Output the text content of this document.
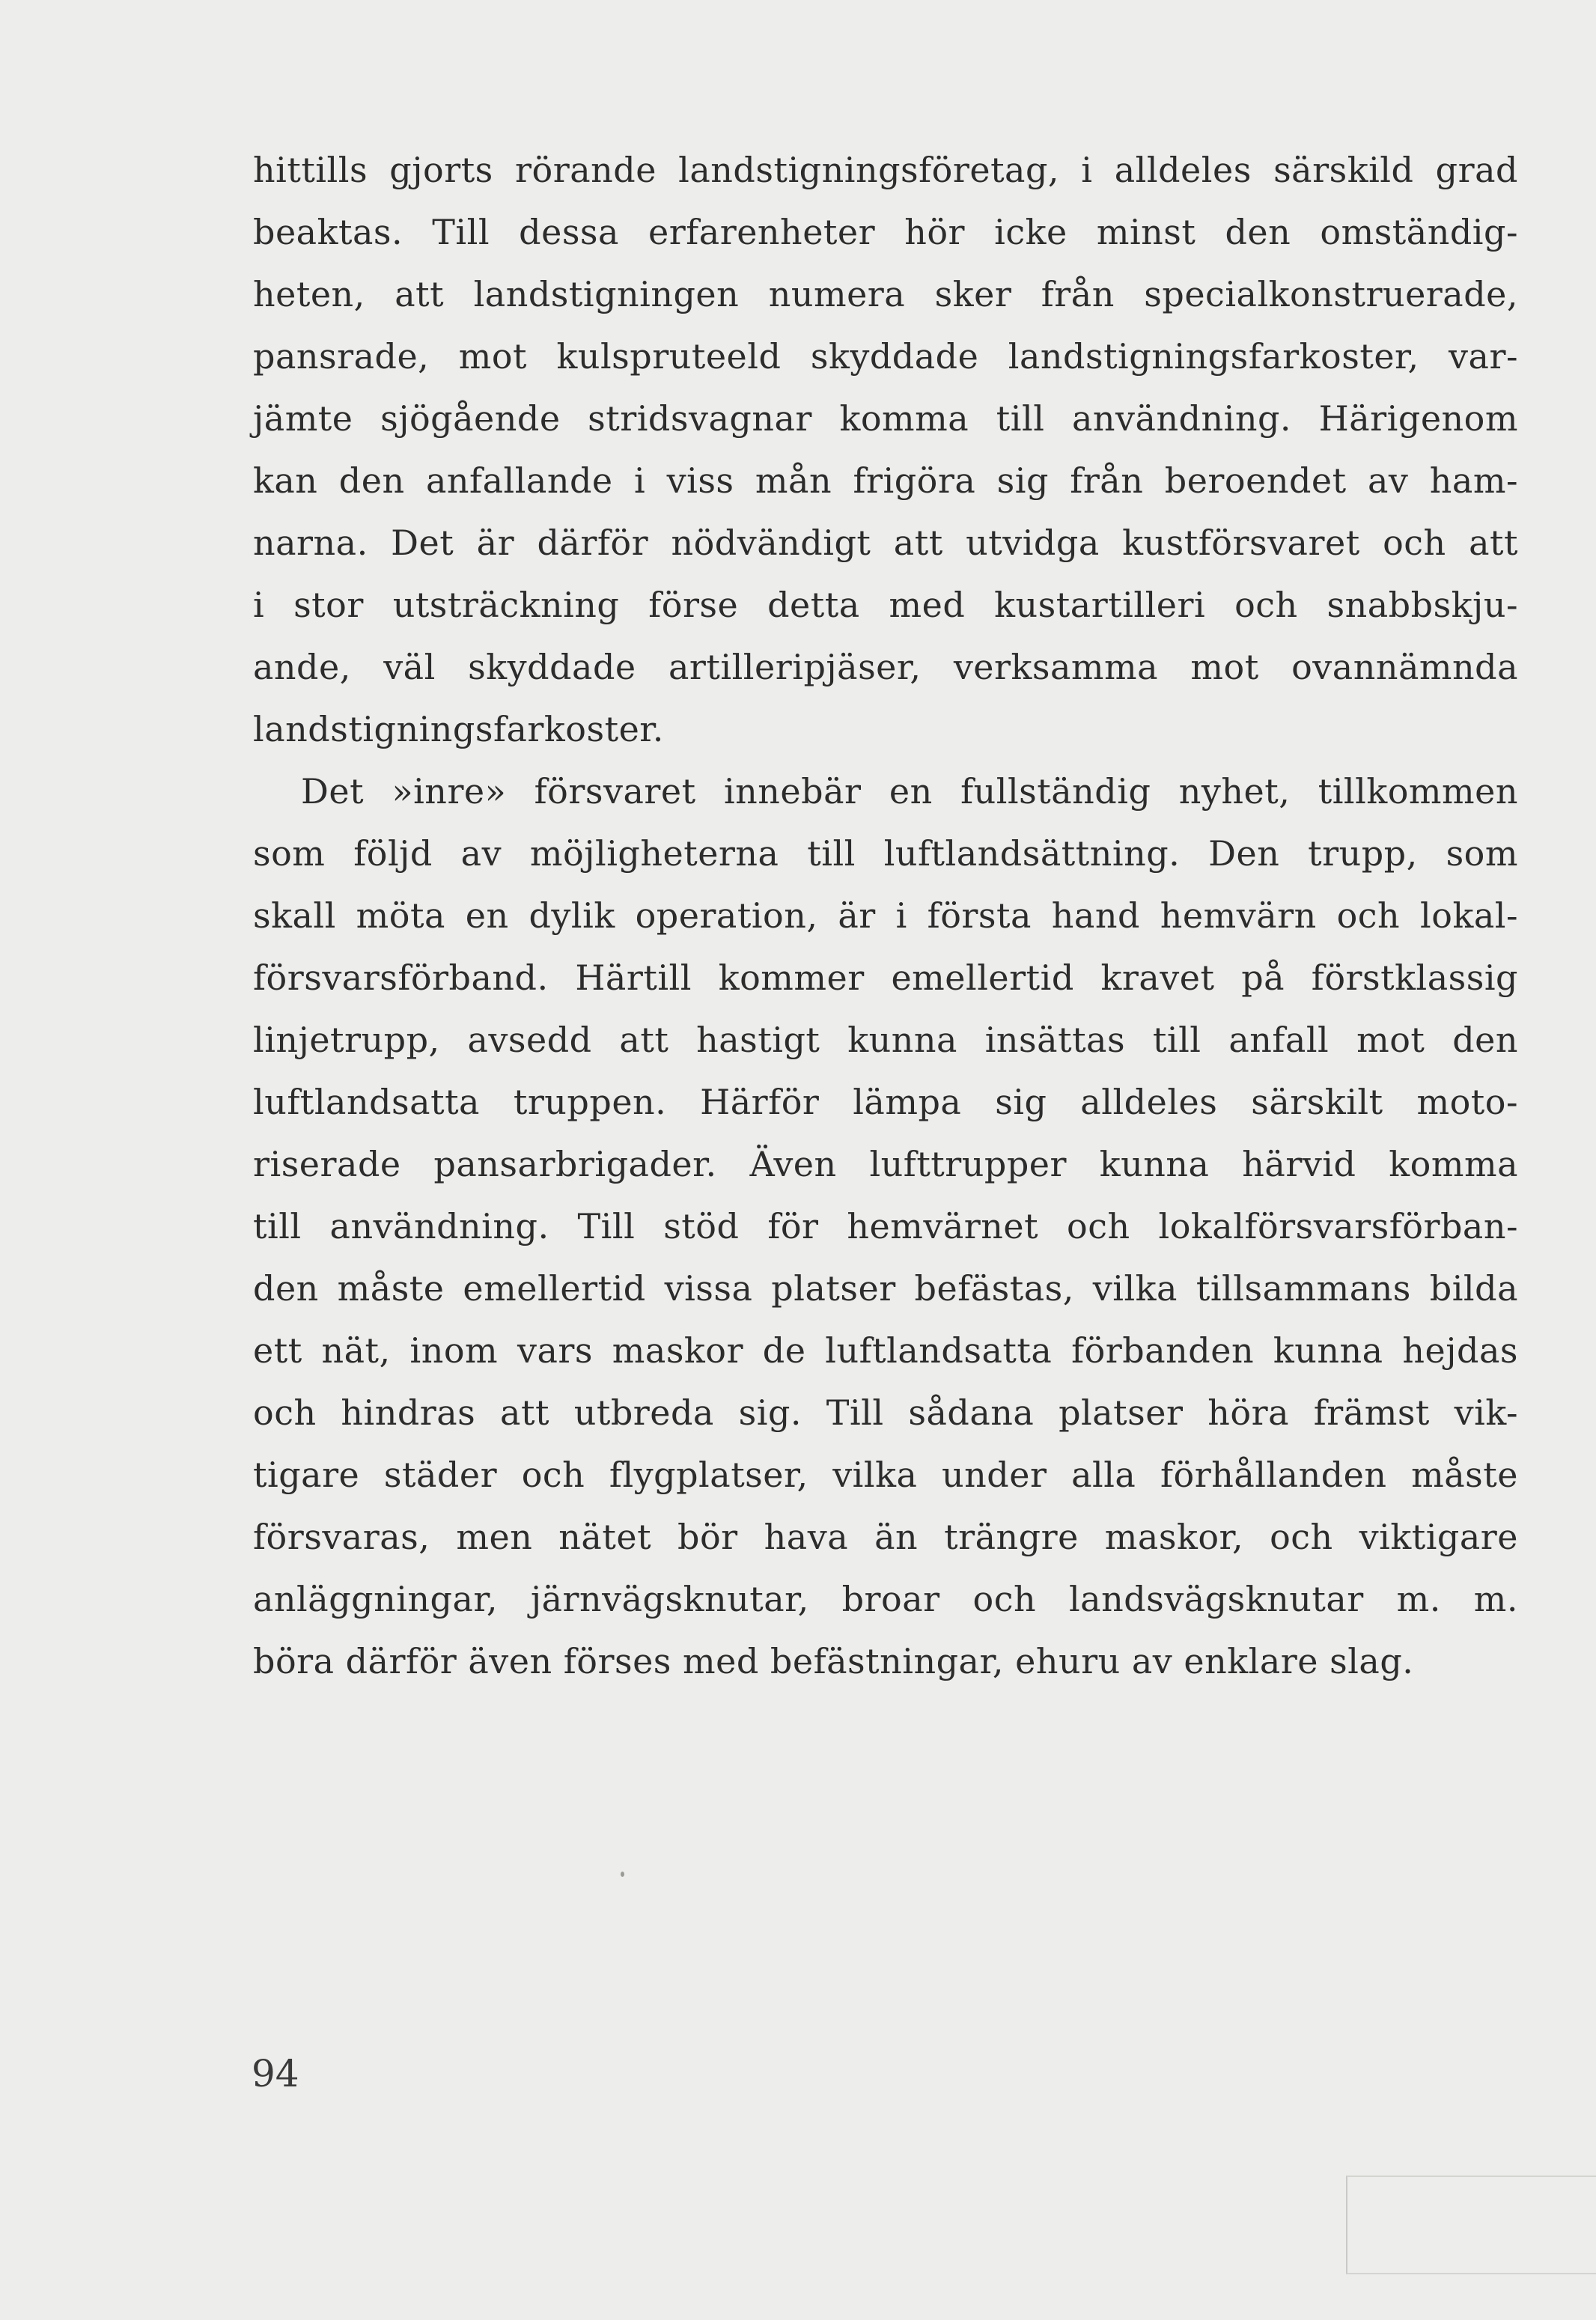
hittills gjorts rörande landstigningsföretag, i alldeles särskild grad
beaktas. Till dessa erfarenheter hör icke minst den omständig-
heten, att landstigningen numera sker från specialkonstruerade,
pansrade, mot kulspruteeld skyddade landstigningsfarkoster, var-
jämte sjögående stridsvagnar komma till användning. Härigenom
kan den anfallande i viss mån frigöra sig från beroendet av ham-
narna. Det är därför nödvändigt att utvidga kustförsvaret och att
i stor utsträckning förse detta med kustartilleri och snabbskju-
ande, väl skyddade artilleripjäser, verksamma mot ovannämnda
landstigningsfarkoster.
Det »inre» försvaret innebär en fullständig nyhet, tillkommen
som följd av möjligheterna till luftlandsättning. Den trupp, som
skall möta en dylik operation, är i första hand hemvärn och lokal-
försvarsförband. Härtill kommer emellertid kravet på förstklassig
linjetrupp, avsedd att hastigt kunna insättas till anfall mot den
luftlandsatta truppen. Härför lämpa sig alldeles särskilt moto-
riserade pansarbrigader. Även lufttrupper kunna härvid komma
till användning. Till stöd för hemvärnet och lokalförsvarsförban-
den måste emellertid vissa platser befästas, vilka tillsammans bilda
ett nät, inom vars maskor de luftlandsatta förbanden kunna hejdas
och hindras att utbreda sig. Till sådana platser höra främst vik-
tigare städer och flygplatser, vilka under alla förhållanden måste
försvaras, men nätet bör hava än trängre maskor, och viktigare
anläggningar, järnvägsknutar, broar och landsvägsknutar m. m.
böra därför även förses med befästningar, ehuru av enklare slag.
94
